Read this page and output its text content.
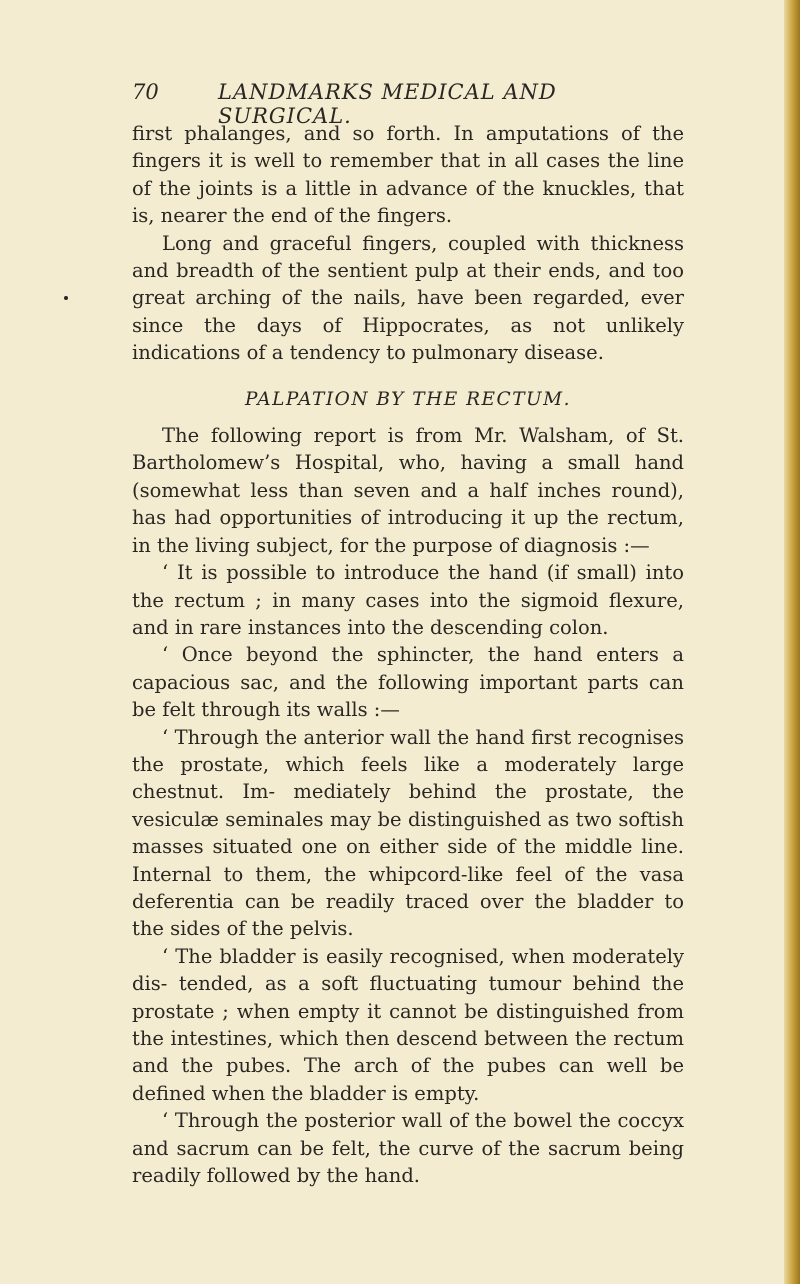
70	LANDMARKS MEDICAL AND SURGICAL.

first phalanges, and so forth. In amputations of the fingers it is well to remember that in all cases the line of the joints is a little in advance of the knuckles, that is, nearer the end of the fingers.

Long and graceful fingers, coupled with thickness and breadth of the sentient pulp at their ends, and too great arching of the nails, have been regarded, ever since the days of Hippocrates, as not unlikely indications of a tendency to pulmonary disease.

PALPATION BY THE RECTUM.

The following report is from Mr. Walsham, of St. Bartholomew’s Hospital, who, having a small hand (somewhat less than seven and a half inches round), has had opportunities of introducing it up the rectum, in the living subject, for the purpose of diagnosis :—

‘ It is possible to introduce the hand (if small) into the rectum ; in many cases into the sigmoid flexure, and in rare instances into the descending colon.

‘ Once beyond the sphincter, the hand enters a capacious sac, and the following important parts can be felt through its walls :—

‘ Through the anterior wall the hand first recognises the prostate, which feels like a moderately large chestnut. Im- mediately behind the prostate, the vesiculæ seminales may be distinguished as two softish masses situated one on either side of the middle line. Internal to them, the whipcord-like feel of the vasa deferentia can be readily traced over the bladder to the sides of the pelvis.

‘ The bladder is easily recognised, when moderately dis- tended, as a soft fluctuating tumour behind the prostate ; when empty it cannot be distinguished from the intestines, which then descend between the rectum and the pubes. The arch of the pubes can well be defined when the bladder is empty.

‘ Through the posterior wall of the bowel the coccyx and sacrum can be felt, the curve of the sacrum being readily followed by the hand.
